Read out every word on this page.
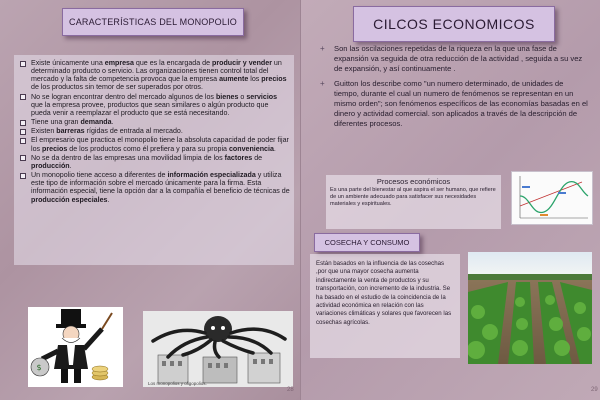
CARACTERÍSTICAS DEL MONOPOLIO
Existe únicamente una empresa que es la encargada de producir y vender un determinado producto o servicio. Las organizaciones tienen control total del mercado y la falta de competencia provoca que la empresa aumente los precios de los productos sin temor de ser superados por otros.
No se logran encontrar dentro del mercado algunos de los bienes o servicios que la empresa provee, productos que sean similares o algún producto que pueda venir a reemplazar el producto que se está necesitando.
Tiene una gran demanda.
Existen barreras rígidas de entrada al mercado.
El empresario que practica el monopolio tiene la absoluta capacidad de poder fijar los precios de los productos como él prefiera y para su propia conveniencia.
No se da dentro de las empresas una movilidad limpia de los factores de producción.
Un monopolio tiene acceso a diferentes de información especializada y utiliza este tipo de información sobre el mercado únicamente para la firma. Esta información especial, tiene la opción dar a la compañía el beneficio de técnicas de producción especiales.
$
Los monopolios y oligopolios.
28
CILCOS ECONOMICOS
29
+ Son las oscilaciones repetidas de la riqueza en la que una fase de expansión va seguida de otra reducción de la actividad , seguida a su vez de expansión, y así continuamente .
+ Guitton los describe como "un numero determinado, de unidades de tiempo, durante el cual un numero de fenómenos se representan en un mismo orden"; son fenómenos específicos de las economías basadas en el dinero y actividad comercial. son aplicados a través de la descripción de diferentes procesos.
Procesos económicos
Es una parte del bienestar al que aspira el ser humano, que refiere de un ambiente adecuado para satisfacer sus necesidades materiales y espirituales.
COSECHA Y CONSUMO
Están basados en la influencia de las cosechas ,por que una mayor cosecha aumenta indirectamente la venta de productos y su transportación, con incremento de la industria. Se ha basado en el estudio de la coincidencia de la actividad económica en relación con las variaciones climáticas y solares que favorecen las cosechas agrícolas.
